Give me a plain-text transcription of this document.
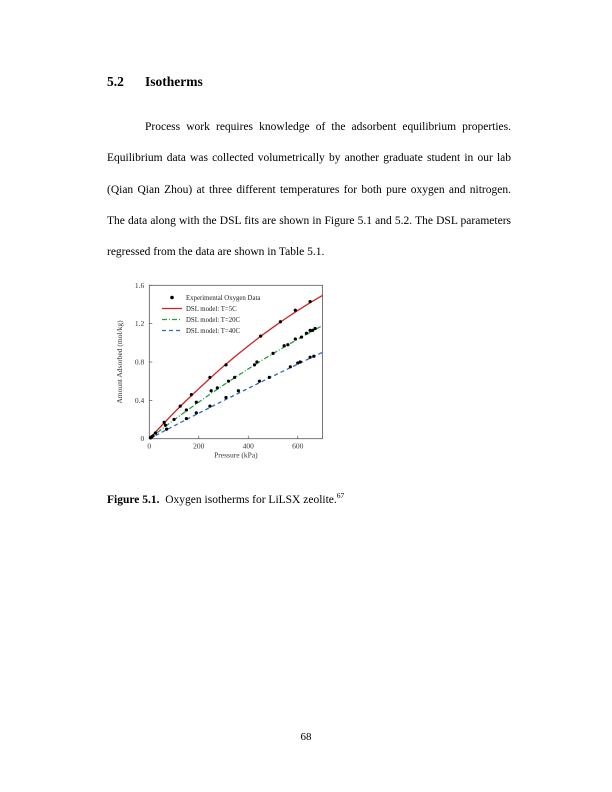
5.2 Isotherms
Process work requires knowledge of the adsorbent equilibrium properties. Equilibrium data was collected volumetrically by another graduate student in our lab (Qian Qian Zhou) at three different temperatures for both pure oxygen and nitrogen. The data along with the DSL fits are shown in Figure 5.1 and 5.2. The DSL parameters regressed from the data are shown in Table 5.1.
0	200	400	600
0
0.4
0.8
1.2
1.6
Pressure (kPa)
Amount Adsorbed (mol/kg)
Experimental Oxygen Data
DSL model: T=5C
DSL model: T=20C
DSL model: T=40C
Figure 5.1. Oxygen isotherms for LiLSX zeolite.$^{67}$
68
